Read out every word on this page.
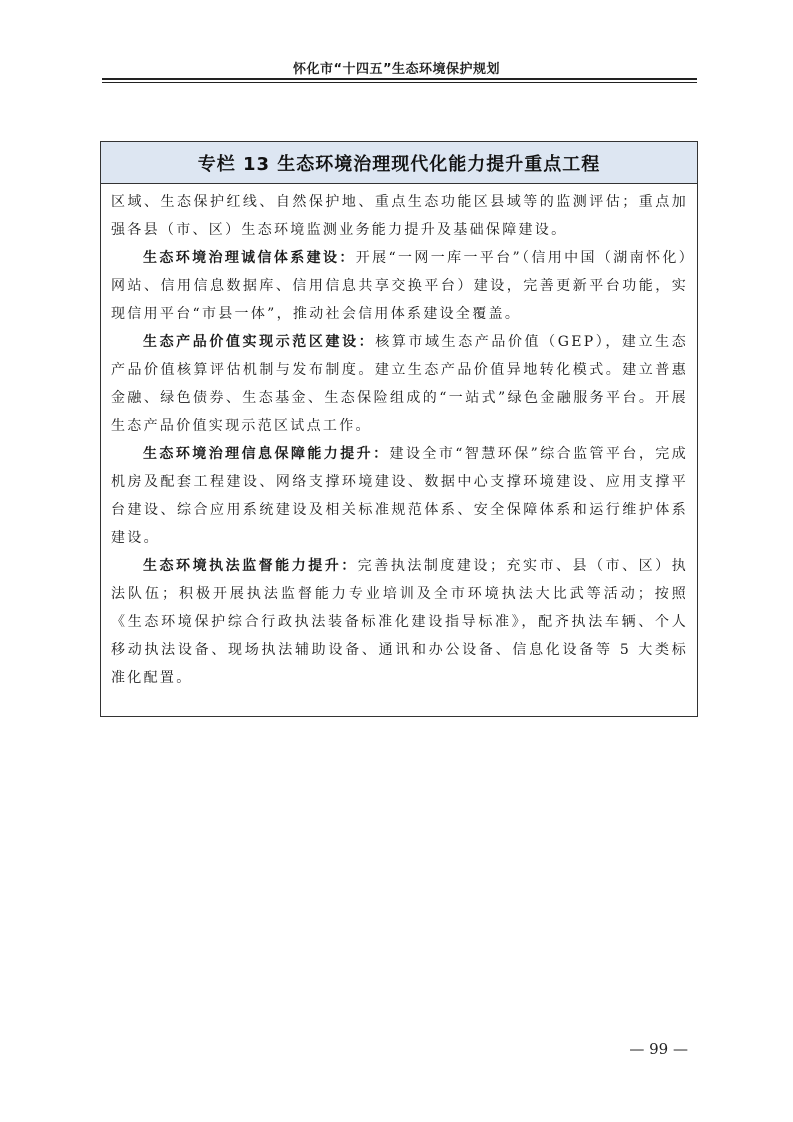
怀化市“十四五”生态环境保护规划
专栏 13 生态环境治理现代化能力提升重点工程

区域、生态保护红线、自然保护地、重点生态功能区县域等的监测评估；重点加强各县（市、区）生态环境监测业务能力提升及基础保障建设。

生态环境治理诚信体系建设：开展“一网一库一平台”（信用中国（湖南怀化）网站、信用信息数据库、信用信息共享交换平台）建设，完善更新平台功能，实现信用平台“市县一体”，推动社会信用体系建设全覆盖。

生态产品价值实现示范区建设：核算市域生态产品价值（GEP），建立生态产品价值核算评估机制与发布制度。建立生态产品价值异地转化模式。建立普惠金融、绿色债券、生态基金、生态保险组成的“一站式”绿色金融服务平台。开展生态产品价值实现示范区试点工作。

生态环境治理信息保障能力提升：建设全市“智慧环保”综合监管平台，完成机房及配套工程建设、网络支撑环境建设、数据中心支撑环境建设、应用支撑平台建设、综合应用系统建设及相关标准规范体系、安全保障体系和运行维护体系建设。

生态环境执法监督能力提升：完善执法制度建设；充实市、县（市、区）执法队伍；积极开展执法监督能力专业培训及全市环境执法大比武等活动；按照《生态环境保护综合行政执法装备标准化建设指导标准》，配齐执法车辆、个人移动执法设备、现场执法辅助设备、通讯和办公设备、信息化设备等 5 大类标准化配置。

— 99 —
